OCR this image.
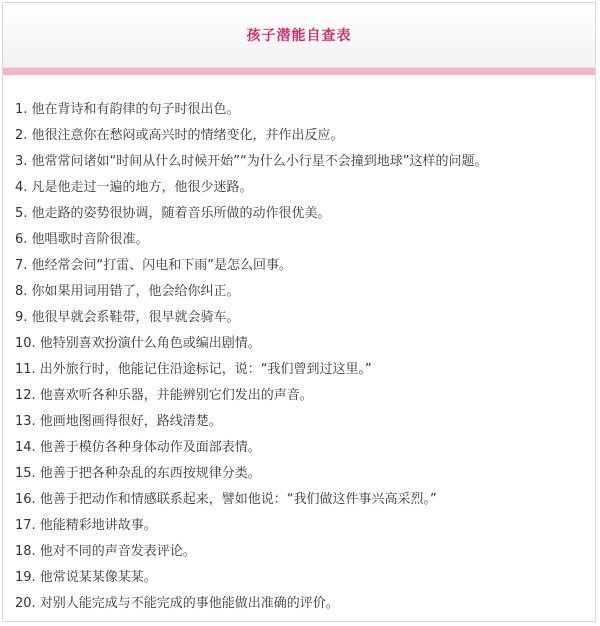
孩子潜能自查表
1. 他在背诗和有韵律的句子时很出色。
2. 他很注意你在愁闷或高兴时的情绪变化，并作出反应。
3. 他常常问诸如“时间从什么时候开始”“为什么小行星不会撞到地球”这样的问题。
4. 凡是他走过一遍的地方，他很少迷路。
5. 他走路的姿势很协调，随着音乐所做的动作很优美。
6. 他唱歌时音阶很准。
7. 他经常会问“打雷、闪电和下雨”是怎么回事。
8. 你如果用词用错了，他会给你纠正。
9. 他很早就会系鞋带，很早就会骑车。
10. 他特别喜欢扮演什么角色或编出剧情。
11. 出外旅行时，他能记住沿途标记，说：“我们曾到过这里。”
12. 他喜欢听各种乐器，并能辨别它们发出的声音。
13. 他画地图画得很好，路线清楚。
14. 他善于模仿各种身体动作及面部表情。
15. 他善于把各种杂乱的东西按规律分类。
16. 他善于把动作和情感联系起来，譬如他说：“我们做这件事兴高采烈。”
17. 他能精彩地讲故事。
18. 他对不同的声音发表评论。
19. 他常说某某像某某。
20. 对别人能完成与不能完成的事他能做出准确的评价。
